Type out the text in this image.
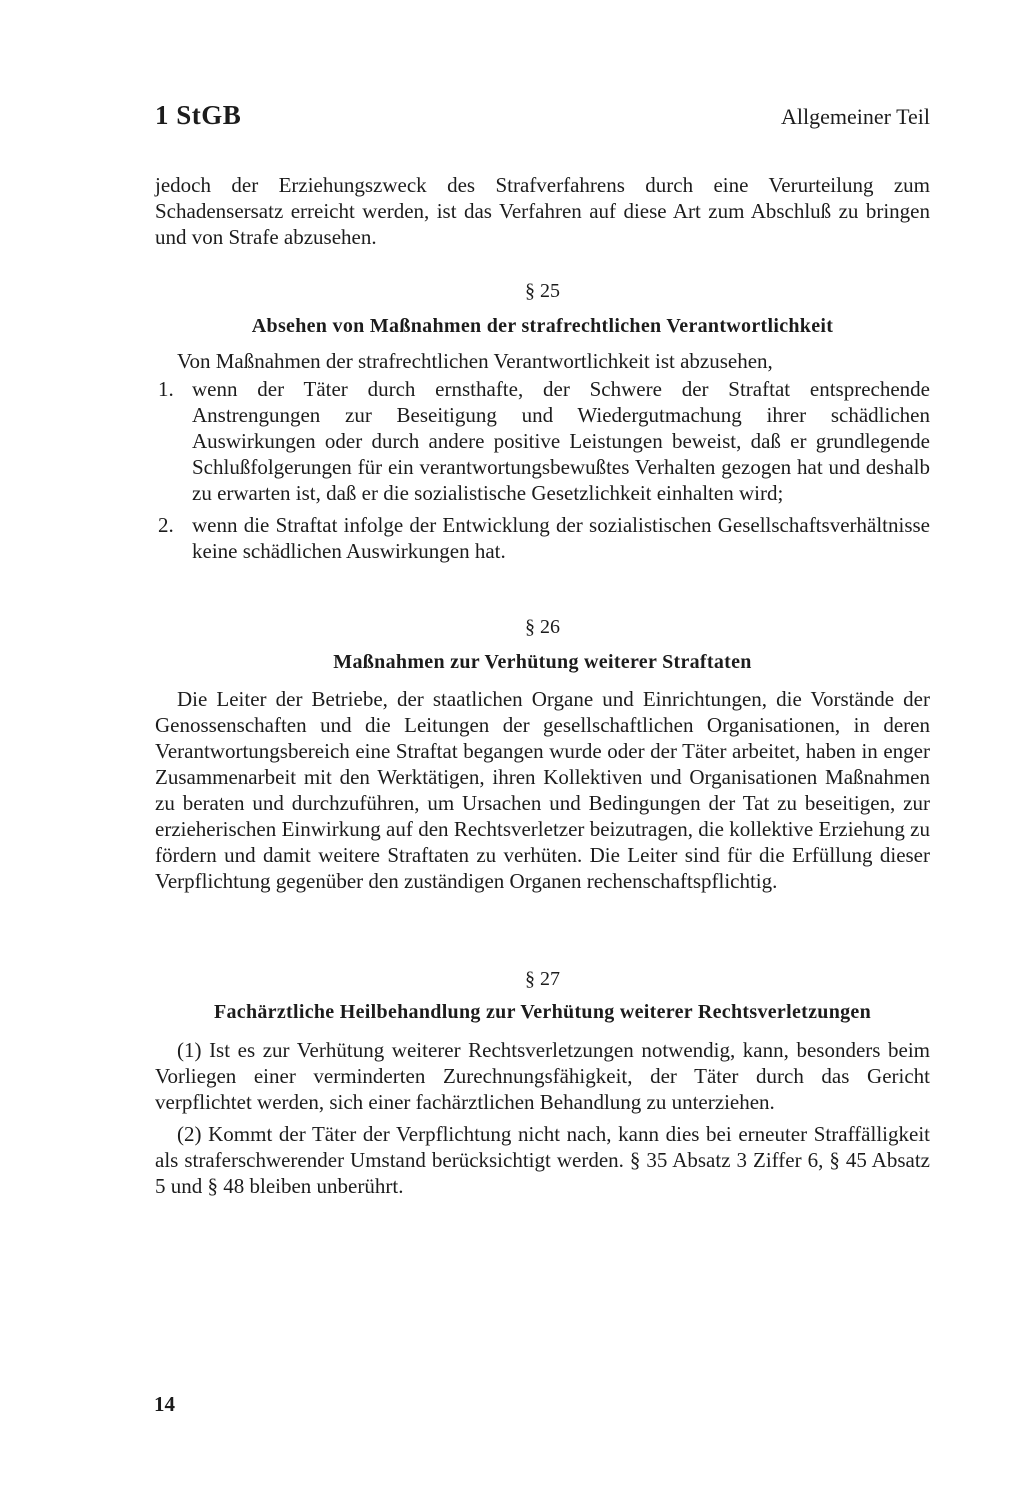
1 StGB	Allgemeiner Teil

jedoch der Erziehungszweck des Strafverfahrens durch eine Verurteilung zum Schadensersatz erreicht werden, ist das Verfahren auf diese Art zum Abschluß zu bringen und von Strafe abzusehen.

§ 25
Absehen von Maßnahmen der strafrechtlichen Verantwortlichkeit

Von Maßnahmen der strafrechtlichen Verantwortlichkeit ist abzusehen,

1. wenn der Täter durch ernsthafte, der Schwere der Straftat entsprechende Anstrengungen zur Beseitigung und Wiedergutmachung ihrer schädlichen Auswirkungen oder durch andere positive Leistungen beweist, daß er grundlegende Schlußfolgerungen für ein verantwortungsbewußtes Verhalten gezogen hat und deshalb zu erwarten ist, daß er die sozialistische Gesetzlichkeit einhalten wird;

2. wenn die Straftat infolge der Entwicklung der sozialistischen Gesellschaftsverhältnisse keine schädlichen Auswirkungen hat.

§ 26
Maßnahmen zur Verhütung weiterer Straftaten

Die Leiter der Betriebe, der staatlichen Organe und Einrichtungen, die Vorstände der Genossenschaften und die Leitungen der gesellschaftlichen Organisationen, in deren Verantwortungsbereich eine Straftat begangen wurde oder der Täter arbeitet, haben in enger Zusammenarbeit mit den Werktätigen, ihren Kollektiven und Organisationen Maßnahmen zu beraten und durchzuführen, um Ursachen und Bedingungen der Tat zu beseitigen, zur erzieherischen Einwirkung auf den Rechtsverletzer beizutragen, die kollektive Erziehung zu fördern und damit weitere Straftaten zu verhüten. Die Leiter sind für die Erfüllung dieser Verpflichtung gegenüber den zuständigen Organen rechenschaftspflichtig.

§ 27
Fachärztliche Heilbehandlung zur Verhütung weiterer Rechtsverletzungen

(1) Ist es zur Verhütung weiterer Rechtsverletzungen notwendig, kann, besonders beim Vorliegen einer verminderten Zurechnungsfähigkeit, der Täter durch das Gericht verpflichtet werden, sich einer fachärztlichen Behandlung zu unterziehen.

(2) Kommt der Täter der Verpflichtung nicht nach, kann dies bei erneuter Straffälligkeit als straferschwerender Umstand berücksichtigt werden. § 35 Absatz 3 Ziffer 6, § 45 Absatz 5 und § 48 bleiben unberührt.

14
